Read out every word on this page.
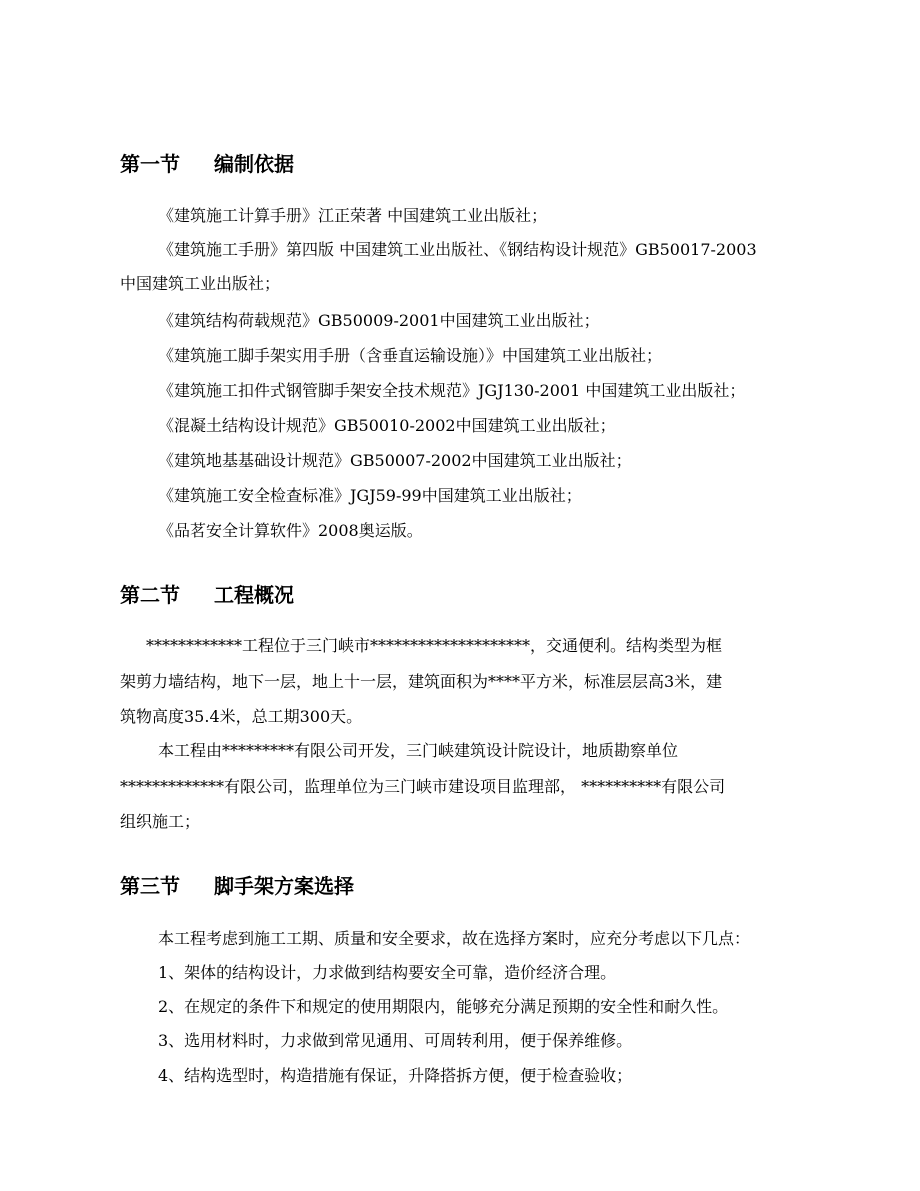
第一节 编制依据
《建筑施工计算手册》江正荣著 中国建筑工业出版社；
《建筑施工手册》第四版 中国建筑工业出版社、《钢结构设计规范》GB50017-2003
中国建筑工业出版社；
《建筑结构荷载规范》GB50009-2001中国建筑工业出版社；
《建筑施工脚手架实用手册（含垂直运输设施）》中国建筑工业出版社；
《建筑施工扣件式钢管脚手架安全技术规范》JGJ130-2001 中国建筑工业出版社；
《混凝土结构设计规范》GB50010-2002中国建筑工业出版社；
《建筑地基基础设计规范》GB50007-2002中国建筑工业出版社；
《建筑施工安全检查标准》JGJ59-99中国建筑工业出版社；
《品茗安全计算软件》2008奥运版。
第二节 工程概况
************工程位于三门峡市********************，交通便利。结构类型为框
架剪力墙结构，地下一层，地上十一层，建筑面积为****平方米，标准层层高3米，建
筑物高度35.4米，总工期300天。
本工程由*********有限公司开发，三门峡建筑设计院设计，地质勘察单位
*************有限公司，监理单位为三门峡市建设项目监理部， **********有限公司
组织施工；
第三节 脚手架方案选择
本工程考虑到施工工期、质量和安全要求，故在选择方案时，应充分考虑以下几点：
1、架体的结构设计，力求做到结构要安全可靠，造价经济合理。
2、在规定的条件下和规定的使用期限内，能够充分满足预期的安全性和耐久性。
3、选用材料时，力求做到常见通用、可周转利用，便于保养维修。
4、结构选型时，构造措施有保证，升降搭拆方便，便于检查验收；
